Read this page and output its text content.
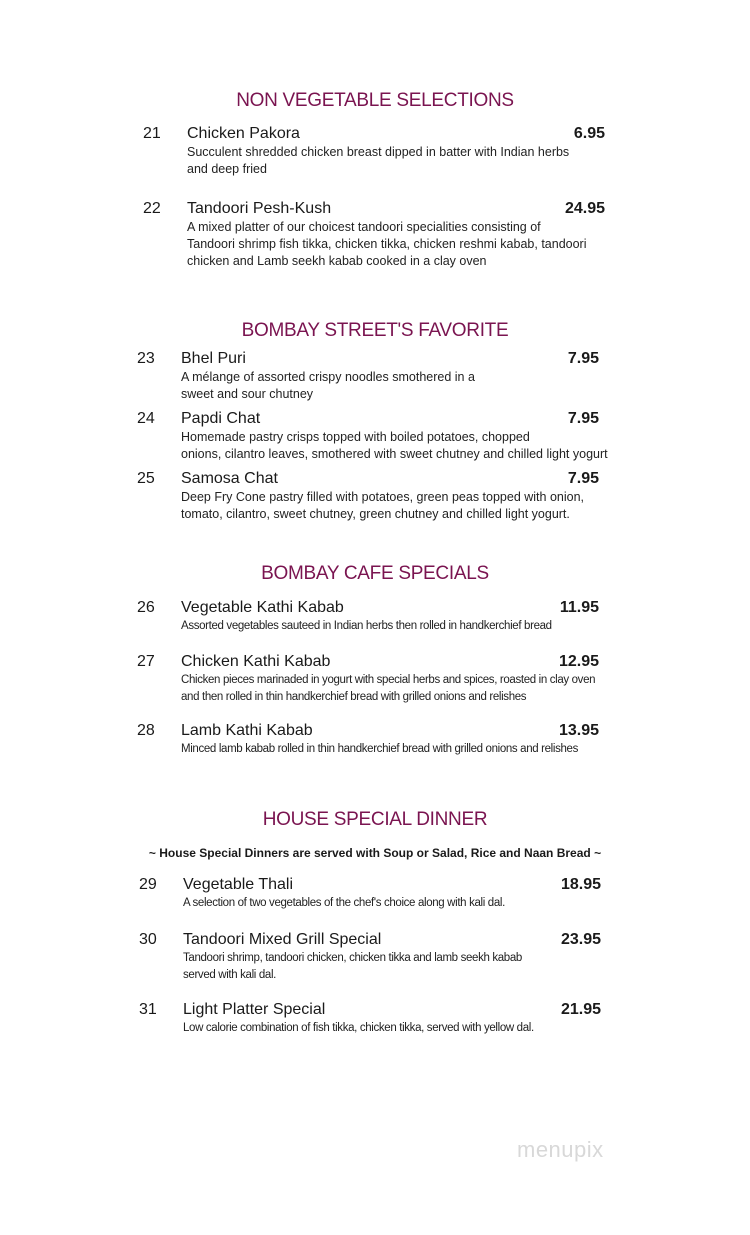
NON VEGETABLE SELECTIONS
21 Chicken Pakora	6.95
Succulent shredded chicken breast dipped in batter with Indian herbs
and deep fried
22 Tandoori Pesh-Kush	24.95
A mixed platter of our choicest tandoori specialities consisting of
Tandoori shrimp fish tikka, chicken tikka, chicken reshmi kabab, tandoori
chicken and Lamb seekh kabab cooked in a clay oven
BOMBAY STREET'S FAVORITE
23 Bhel Puri	7.95
A mélange of assorted crispy noodles smothered in a
sweet and sour chutney
24 Papdi Chat	7.95
Homemade pastry crisps topped with boiled potatoes, chopped
onions, cilantro leaves, smothered with sweet chutney and chilled light yogurt
25 Samosa Chat	7.95
Deep Fry Cone pastry filled with potatoes, green peas topped with onion,
tomato, cilantro, sweet chutney, green chutney and chilled light yogurt.
BOMBAY CAFE SPECIALS
26 Vegetable Kathi Kabab	11.95
Assorted vegetables sauteed in Indian herbs then rolled in handkerchief bread
27 Chicken Kathi Kabab	12.95
Chicken pieces marinaded in yogurt with special herbs and spices, roasted in clay oven
and then rolled in thin handkerchief bread with grilled onions and relishes
28 Lamb Kathi Kabab	13.95
Minced lamb kabab rolled in thin handkerchief bread with grilled onions and relishes
HOUSE SPECIAL DINNER
~ House Special Dinners are served with Soup or Salad, Rice and Naan Bread ~
29 Vegetable Thali	18.95
A selection of two vegetables of the chef's choice along with kali dal.
30 Tandoori Mixed Grill Special	23.95
Tandoori shrimp, tandoori chicken, chicken tikka and lamb seekh kabab
served with kali dal.
31 Light Platter Special	21.95
Low calorie combination of fish tikka, chicken tikka, served with yellow dal.
menupix
